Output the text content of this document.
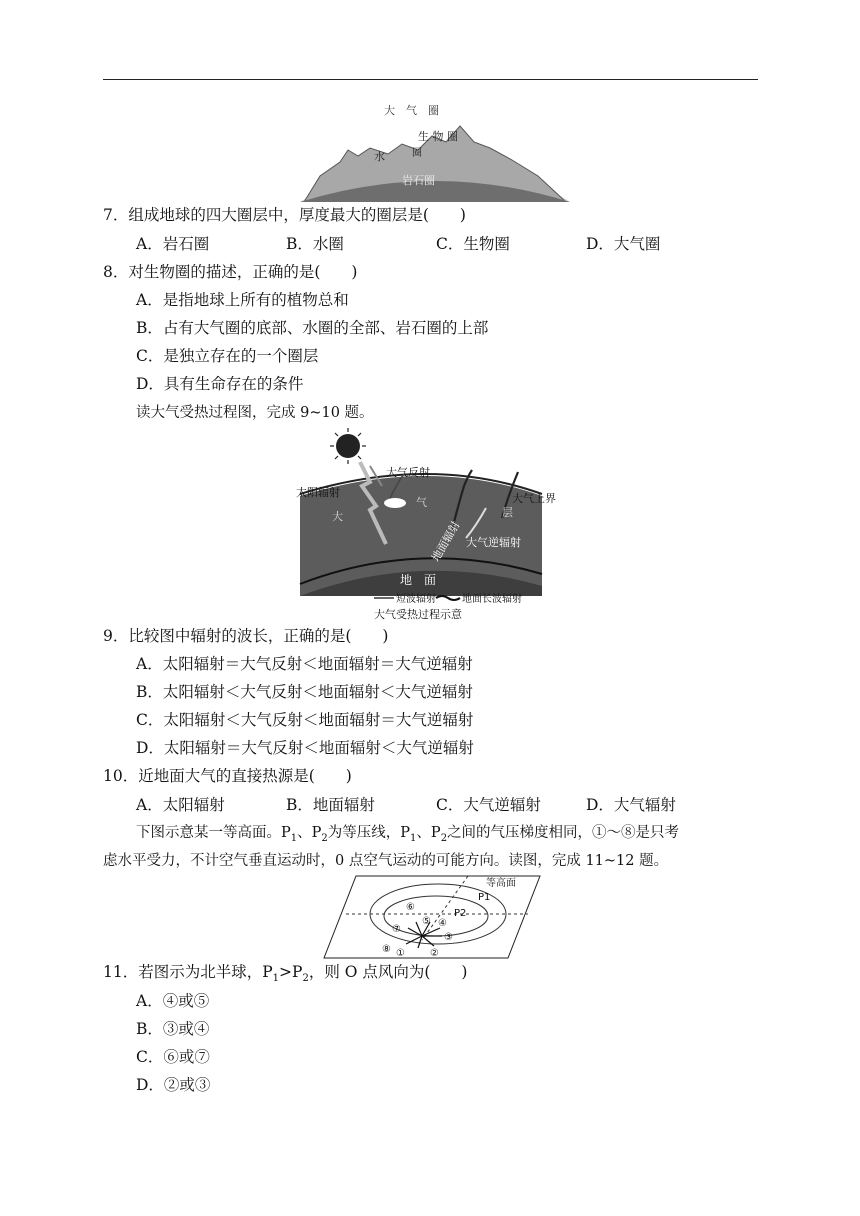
大　气　圈
生 物 圈
水	圈
岩石圈
7．组成地球的四大圈层中，厚度最大的圈层是(　　)
A．岩石圈	B．水圈	C．生物圈	D．大气圈
8．对生物圈的描述，正确的是(　　)
A．是指地球上所有的植物总和
B．占有大气圈的底部、水圈的全部、岩石圈的上部
C．是独立存在的一个圈层
D．具有生命存在的条件
读大气受热过程图，完成 9~10 题。
太阳辐射
大气反射
大气上界
大
气
层
地面辐射 大气逆辐射
地　面
短波辐射	地面长波辐射
大气受热过程示意
9．比较图中辐射的波长，正确的是(　　)
A．太阳辐射＝大气反射＜地面辐射＝大气逆辐射
B．太阳辐射＜大气反射＜地面辐射＜大气逆辐射
C．太阳辐射＜大气反射＜地面辐射＝大气逆辐射
D．太阳辐射＝大气反射＜地面辐射＜大气逆辐射
10．近地面大气的直接热源是(　　)
A．太阳辐射	B．地面辐射	C．大气逆辐射	D．大气辐射
下图示意某一等高面。$P_1$、$P_2$为等压线，$P_1$、$P_2$之间的气压梯度相同，①～⑧是只考
虑水平受力，不计空气垂直运动时，0 点空气运动的可能方向。读图，完成 11~12 题。
等高面
P1
P2
⑥
⑤ ④
⑦
③
⑧ ①	②
11．若图示为北半球，$P_1>P_2$，则 O 点风向为(　　)
A．④或⑤
B．③或④
C．⑥或⑦
D．②或③
